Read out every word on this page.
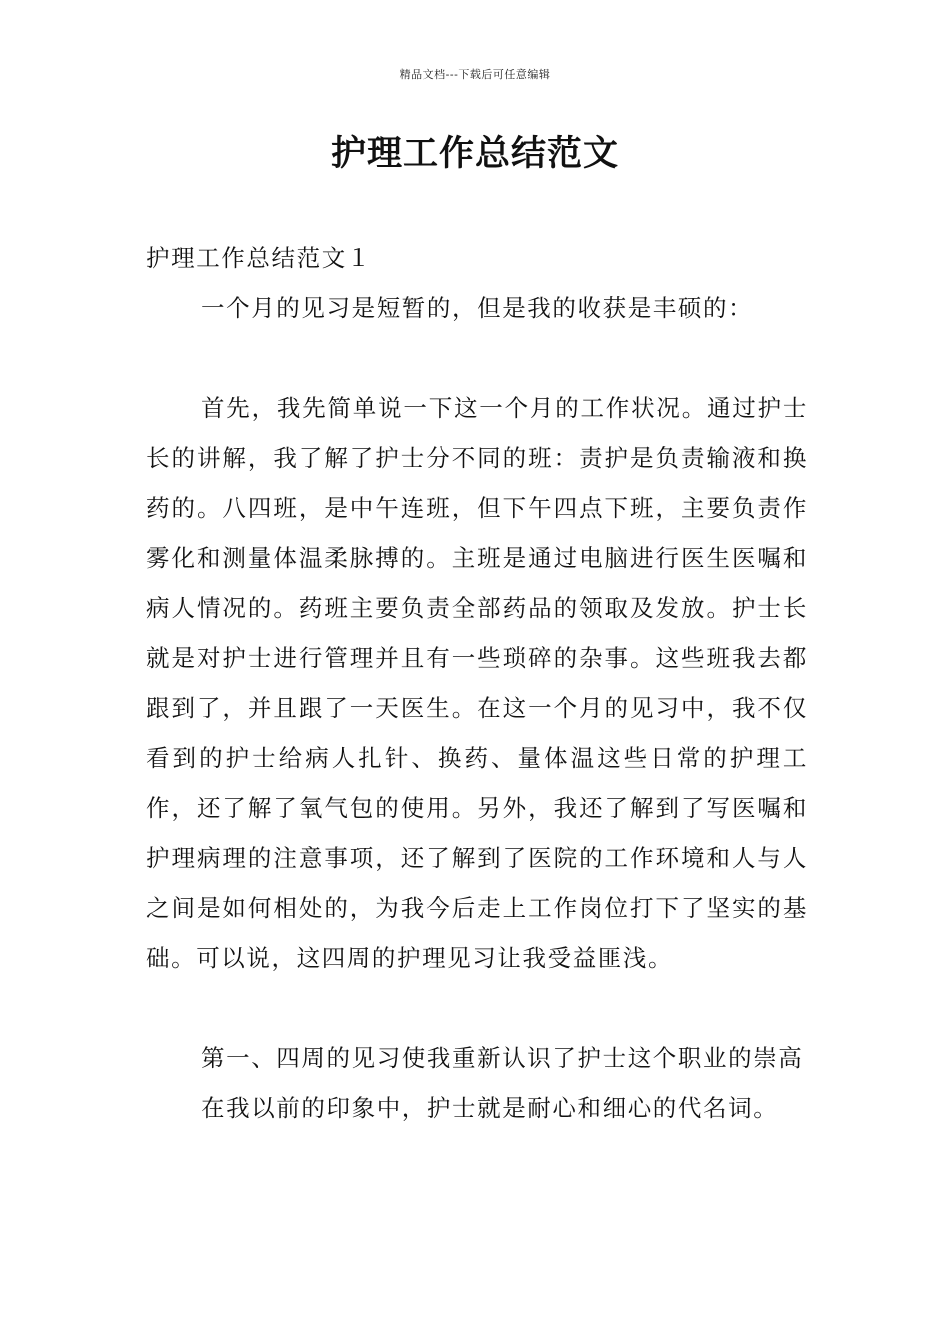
精品文档---下载后可任意编辑
护理工作总结范文

护理工作总结范文１

一个月的见习是短暂的，但是我的收获是丰硕的：

首先，我先简单说一下这一个月的工作状况。通过护士长的讲解，我了解了护士分不同的班：责护是负责输液和换药的。八四班，是中午连班，但下午四点下班，主要负责作雾化和测量体温柔脉搏的。主班是通过电脑进行医生医嘱和病人情况的。药班主要负责全部药品的领取及发放。护士长就是对护士进行管理并且有一些琐碎的杂事。这些班我去都跟到了，并且跟了一天医生。在这一个月的见习中，我不仅看到的护士给病人扎针、换药、量体温这些日常的护理工作，还了解了氧气包的使用。另外，我还了解到了写医嘱和护理病理的注意事项，还了解到了医院的工作环境和人与人之间是如何相处的，为我今后走上工作岗位打下了坚实的基础。可以说，这四周的护理见习让我受益匪浅。

第一、四周的见习使我重新认识了护士这个职业的崇高

在我以前的印象中，护士就是耐心和细心的代名词。
